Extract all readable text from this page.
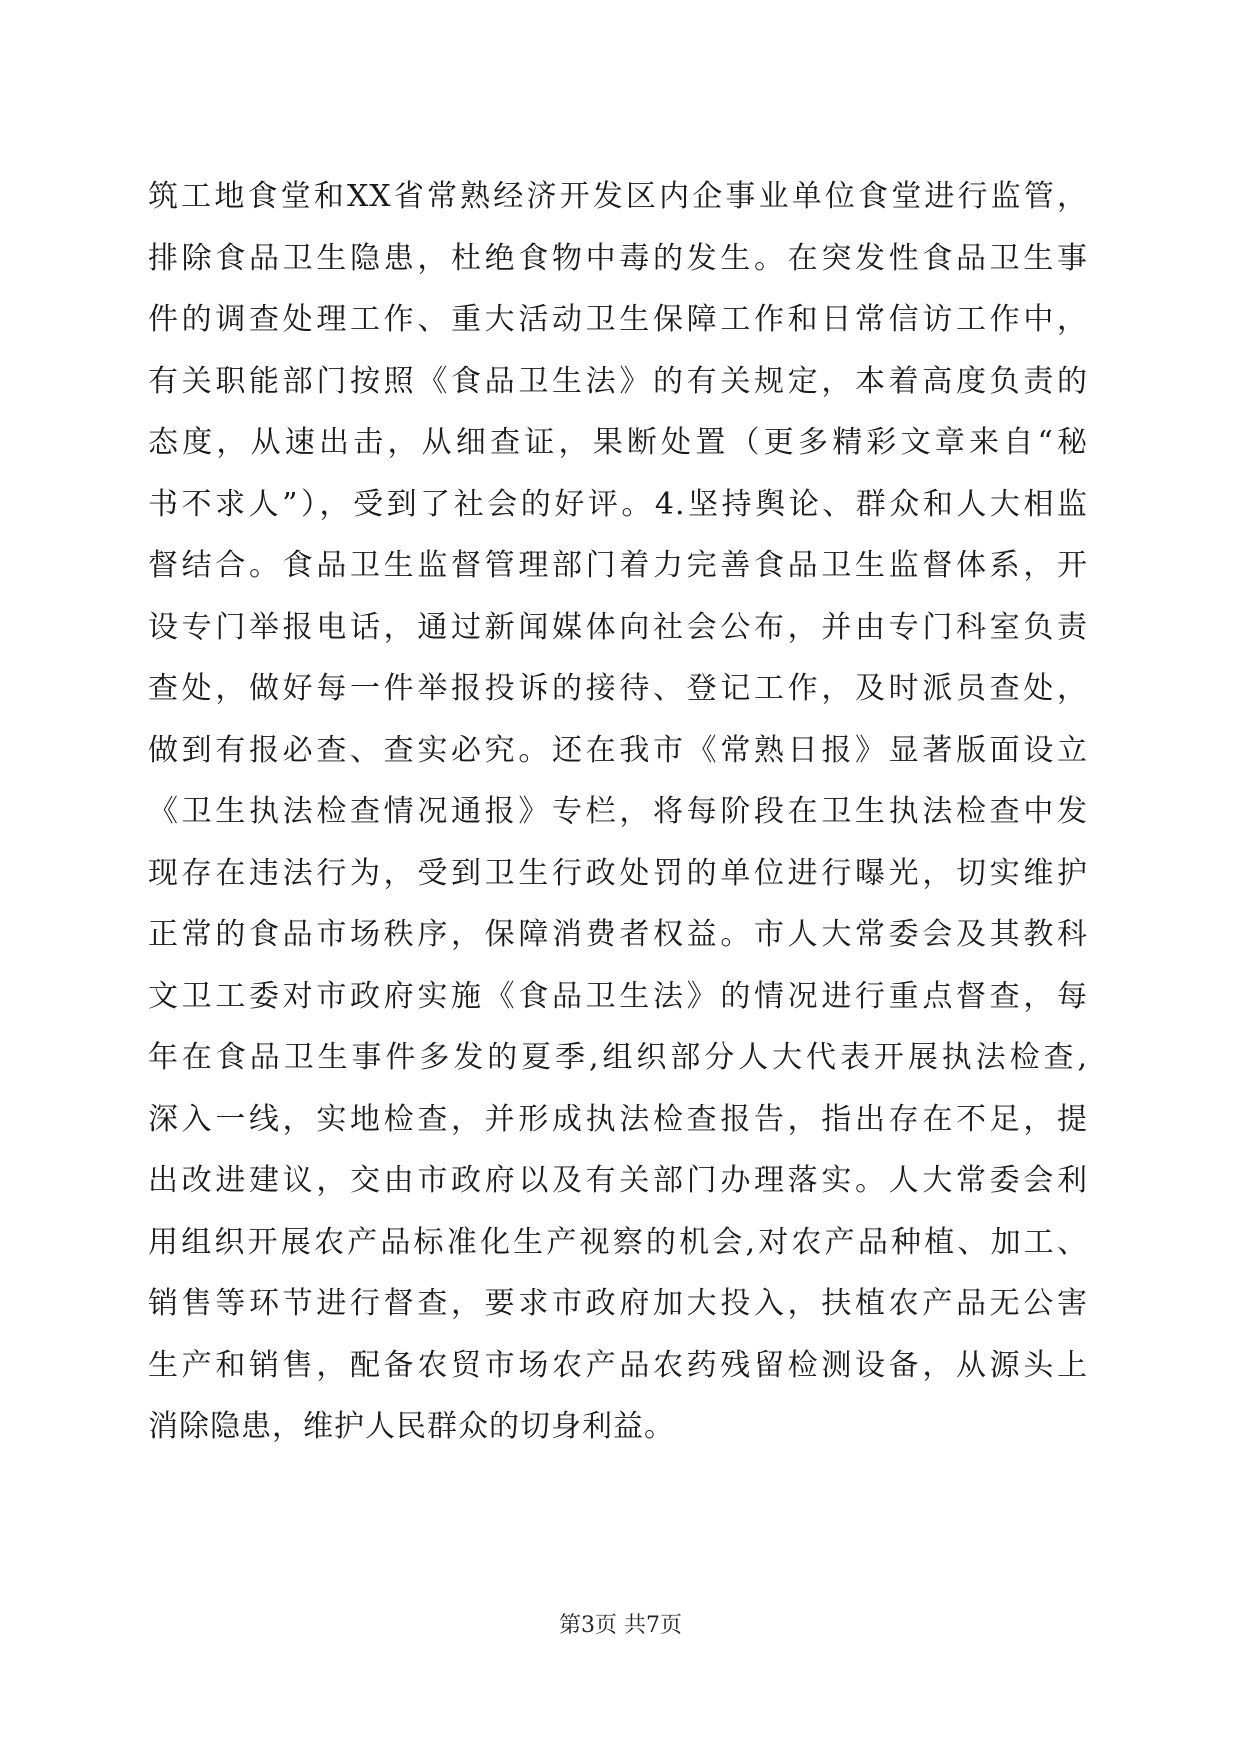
筑工地食堂和XX省常熟经济开发区内企事业单位食堂进行监管，
排除食品卫生隐患，杜绝食物中毒的发生。在突发性食品卫生事
件的调查处理工作、重大活动卫生保障工作和日常信访工作中，
有关职能部门按照《食品卫生法》的有关规定，本着高度负责的
态度，从速出击，从细查证，果断处置（更多精彩文章来自“秘
书不求人”），受到了社会的好评。4.坚持舆论、群众和人大相监
督结合。食品卫生监督管理部门着力完善食品卫生监督体系，开
设专门举报电话，通过新闻媒体向社会公布，并由专门科室负责
查处，做好每一件举报投诉的接待、登记工作，及时派员查处，
做到有报必查、查实必究。还在我市《常熟日报》显著版面设立
《卫生执法检查情况通报》专栏，将每阶段在卫生执法检查中发
现存在违法行为，受到卫生行政处罚的单位进行曝光，切实维护
正常的食品市场秩序，保障消费者权益。市人大常委会及其教科
文卫工委对市政府实施《食品卫生法》的情况进行重点督查，每
年在食品卫生事件多发的夏季,组织部分人大代表开展执法检查,
深入一线，实地检查，并形成执法检查报告，指出存在不足，提
出改进建议，交由市政府以及有关部门办理落实。人大常委会利
用组织开展农产品标准化生产视察的机会,对农产品种植、加工、
销售等环节进行督查，要求市政府加大投入，扶植农产品无公害
生产和销售，配备农贸市场农产品农药残留检测设备，从源头上
消除隐患，维护人民群众的切身利益。
第3页 共7页
